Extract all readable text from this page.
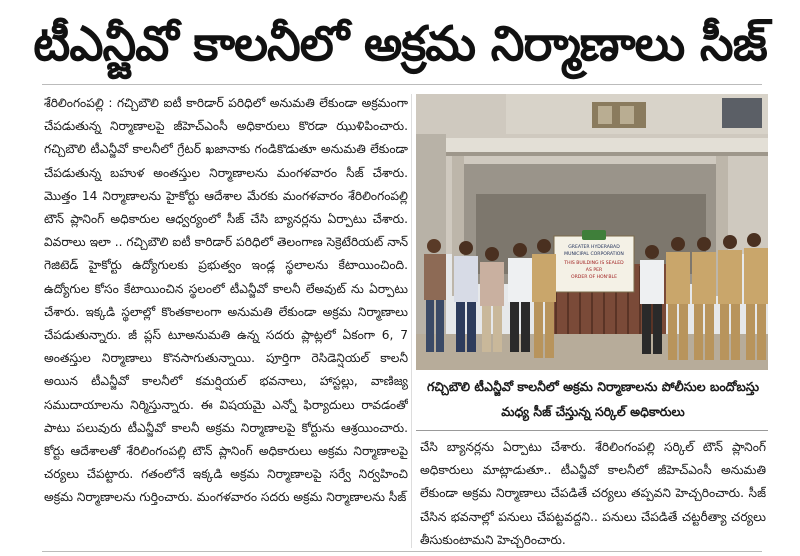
టీఎన్జీవో కాలనీలో అక్రమ నిర్మాణాలు సీజ్

శేరిలింగంపల్లి : గచ్చిబౌలి ఐటీ కారిడార్ పరిధిలో అనుమతి లేకుండా అక్రమంగా చేపడుతున్న నిర్మాణాలపై జీహెచ్ఎంసీ అధికారులు కొరడా ఝుళిపించారు. గచ్చిబౌలి టీఎన్జీవో కాలనీలో గ్రేటర్ ఖజానాకు గండికొడుతూ అనుమతి లేకుండా చేపడుతున్న బహుళ అంతస్తుల నిర్మాణాలను మంగళవారం సీజ్ చేశారు. మొత్తం 14 నిర్మాణాలను హైకోర్టు ఆదేశాల మేరకు మంగళవారం శేరిలింగంపల్లి టౌన్ ప్లానింగ్ అధికారుల ఆధ్వర్యంలో సీజ్ చేసి బ్యానర్లను ఏర్పాటు చేశారు. వివరాలు ఇలా .. గచ్చిబౌలి ఐటీ కారిడార్ పరిధిలో తెలంగాణ సెక్రెటేరియట్ నాన్ గెజిటెడ్ హైకోర్టు ఉద్యోగులకు ప్రభుత్వం ఇండ్ల స్థలాలను కేటాయించింది. ఉద్యోగుల కోసం కేటాయించిన స్థలంలో టీఎన్జీవో కాలనీ లేఅవుట్ ను ఏర్పాటు చేశారు. ఇక్కడి స్థలాల్లో కొంతకాలంగా అనుమతి లేకుండా అక్రమ నిర్మాణాలు చేపడుతున్నారు. జీ ప్లస్ టూఅనుమతి ఉన్న సదరు ప్లాట్లలో ఏకంగా 6, 7 అంతస్తుల నిర్మాణాలు కొనసాగుతున్నాయి. పూర్తిగా రెసిడెన్షియల్ కాలనీ అయిన టీఎన్జీవో కాలనీలో కమర్షియల్ భవనాలు, హాస్టల్లు, వాణిజ్య సముదాయాలను నిర్మిస్తున్నారు. ఈ విషయమై ఎన్నో ఫిర్యాదులు రావడంతో పాటు పలువురు టీఎన్జీవో కాలనీ అక్రమ నిర్మాణాలపై కోర్టును ఆశ్రయించారు. కోర్టు ఆదేశాలతో శేరిలింగంపల్లి టౌన్ ప్లానింగ్ అధికారులు అక్రమ నిర్మాణాలపై చర్యలు చేపట్టారు. గతంలోనే ఇక్కడి అక్రమ నిర్మాణాలపై సర్వే నిర్వహించి అక్రమ నిర్మాణాలను గుర్తించారు. మంగళవారం సదరు అక్రమ నిర్మాణాలను సీజ్

GREATER HYDERABAD
MUNICIPAL CORPORATION
THIS BUILDING IS SEALED
AS PER
ORDER OF HON'BLE
గచ్చిబౌలి టీఎన్జీవో కాలనీలో అక్రమ నిర్మాణాలను పోలీసుల బందోబస్తు మధ్య సీజ్ చేస్తున్న సర్కిల్ అధికారులు

చేసి బ్యానర్లను ఏర్పాటు చేశారు. శేరిలింగంపల్లి సర్కిల్ టౌన్ ప్లానింగ్ అధికారులు మాట్లాడుతూ.. టీఎన్జీవో కాలనీలో జీహెచ్ఎంసీ అనుమతి లేకుండా అక్రమ నిర్మాణాలు చేపడితే చర్యలు తప్పవని హెచ్చరించారు. సీజ్ చేసిన భవనాల్లో పనులు చేపట్టవద్దని.. పనులు చేపడితే చట్టరీత్యా చర్యలు తీసుకుంటామని హెచ్చరించారు.
